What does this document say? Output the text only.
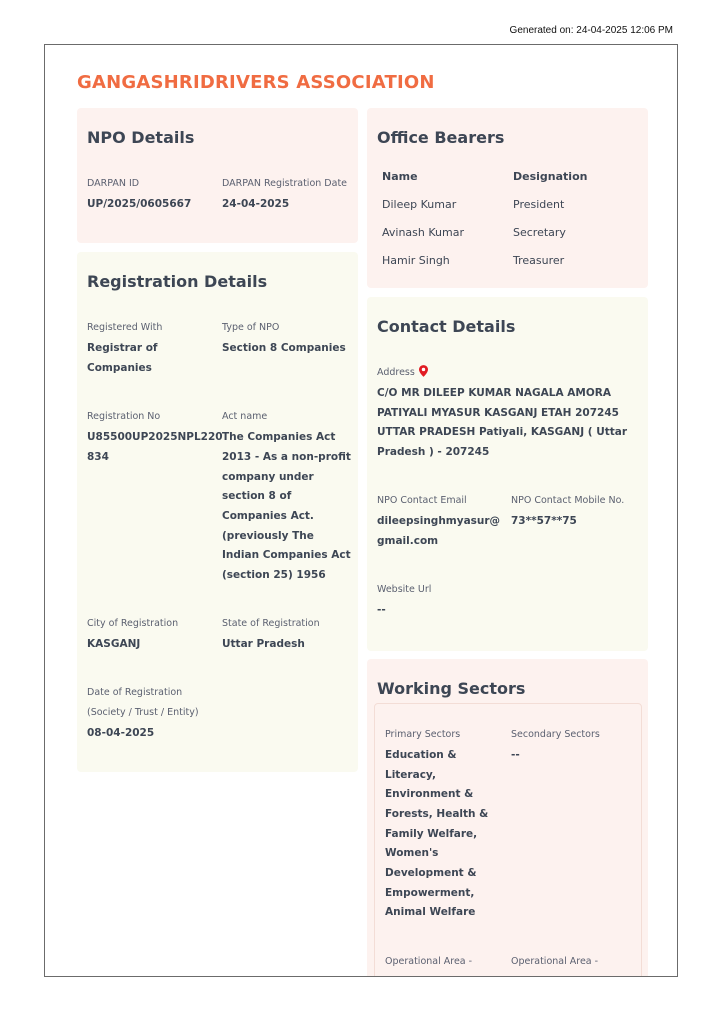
Generated on: 24-04-2025 12:06 PM
GANGASHRIDRIVERS ASSOCIATION
NPO Details
DARPAN ID
UP/2025/0605667
DARPAN Registration Date
24-04-2025
Registration Details
Registered With
Registrar of
Companies
Type of NPO
Section 8 Companies
Registration No
U85500UP2025NPL220
834
Act name
The Companies Act
2013 - As a non-profit
company under
section 8 of
Companies Act.
(previously The
Indian Companies Act
(section 25) 1956
City of Registration
KASGANJ
State of Registration
Uttar Pradesh
Date of Registration
(Society / Trust / Entity)
08-04-2025
Office Bearers
Name	Designation
Dileep Kumar	President
Avinash Kumar	Secretary
Hamir Singh	Treasurer
Contact Details
Address
C/O MR DILEEP KUMAR NAGALA AMORA
PATIYALI MYASUR KASGANJ ETAH 207245
UTTAR PRADESH Patiyali, KASGANJ ( Uttar
Pradesh ) - 207245
NPO Contact Email
dileepsinghmyasur@
gmail.com
NPO Contact Mobile No.
73**57**75
Website Url
--
Working Sectors
Primary Sectors
Education &
Literacy,
Environment &
Forests, Health &
Family Welfare,
Women's
Development &
Empowerment,
Animal Welfare
Secondary Sectors
--
Operational Area -	Operational Area -
